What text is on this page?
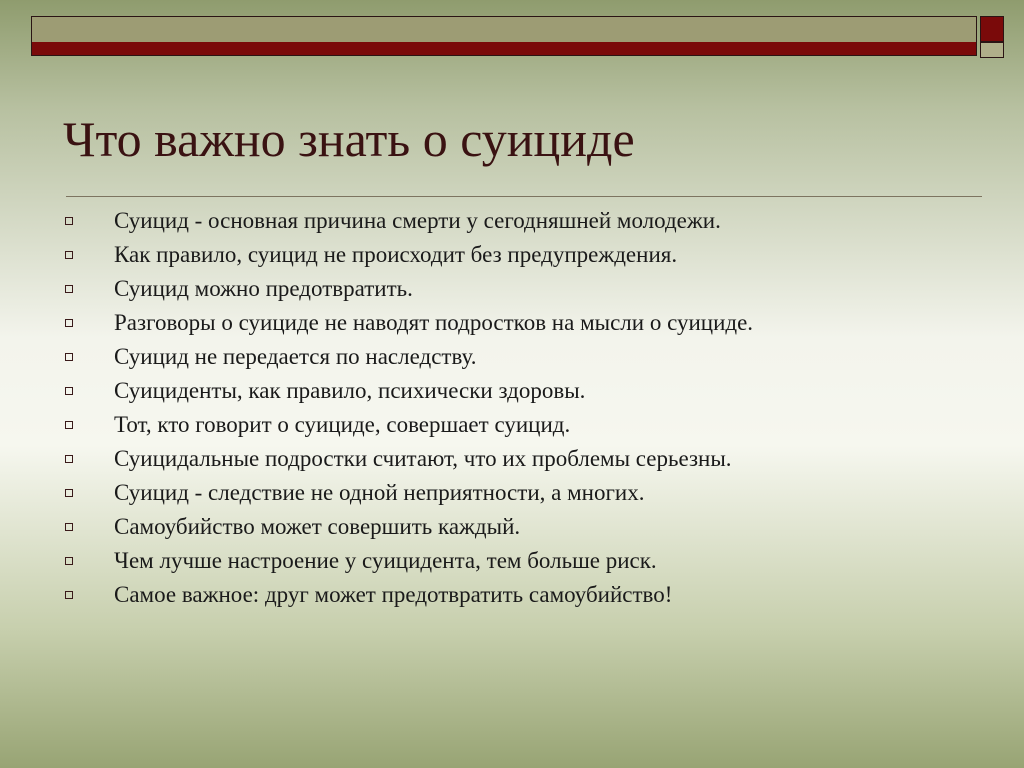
Что важно знать о суициде
Суицид - основная причина смерти у сегодняшней молодежи.
Как правило, суицид не происходит без предупреждения.
Суицид можно предотвратить.
Разговоры о суициде не наводят подростков на мысли о суициде.
Суицид не передается по наследству.
Суициденты, как правило, психически здоровы.
Тот, кто говорит о суициде, совершает суицид.
Суицидальные подростки считают, что их проблемы серьезны.
Суицид - следствие не одной неприятности, а многих.
Самоубийство может совершить каждый.
Чем лучше настроение у суицидента, тем больше риск.
Самое важное: друг может предотвратить самоубийство!
